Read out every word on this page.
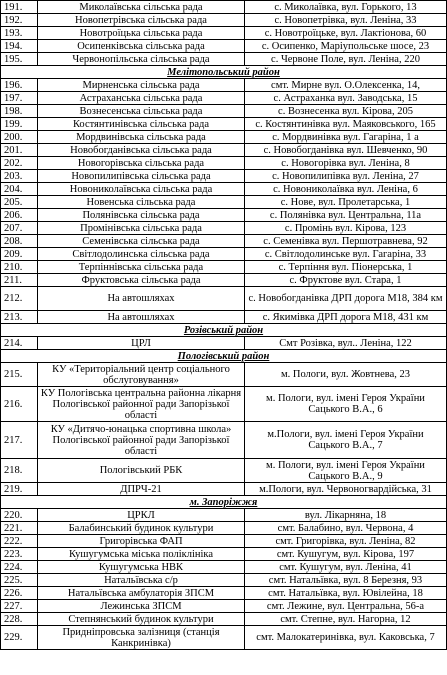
191.	Миколаївська сільська рада	с. Миколаївка, вул. Горького, 13
192.	Новопетрівська сільська рада	с. Новопетрівка, вул. Леніна, 33
193.	Новотроїцька сільська рада	с. Новотроїцьке, вул. Лактіонова, 60
194.	Осипенківська сільська рада	с. Осипенко, Маріупольське шосе, 23
195.	Червонопільська сільська рада	с. Червоне Поле, вул. Леніна, 220
Мелітопольський район		
196.	Мирненська сільська рада	смт. Мирне вул. О.Олексенка, 14,
197.	Астраханська сільська рада	с. Астраханка вул. Заводська, 15
198.	Вознесенська сільська рада	с. Вознесенка вул. Кірова, 205
199.	Костянтинівська сільська рада	с. Костянтинівка вул. Маяковського, 165
200.	Мордвинівська сільська рада	с. Мордвинівка вул. Гагаріна, 1 а
201.	Новобогданівська сільська рада	с. Новобогданівка вул. Шевченко, 90
202.	Новогорівська сільська рада	с. Новогорівка вул. Леніна, 8
203.	Новопилипівська сільська рада	с. Новопилипівка вул. Леніна, 27
204.	Новониколаївська сільська рада	с. Новониколаївка вул. Леніна, 6
205.	Новенська сільська рада	с. Нове, вул. Пролетарська, 1
206.	Полянівська сільська рада	с. Полянівка вул. Центральна, 11а
207.	Промінівська сільська рада	с. Промінь вул. Кірова, 123
208.	Семенівська сільська рада	с. Семенівка вул. Першотравнева, 92
209.	Світлодолинська сільська рада	с. Світлодолинське вул. Гагаріна, 33
210.	Терпіннівська сільська рада	с. Терпіння вул. Піонерська, 1
211.	Фруктовська сільська рада	с. Фруктове вул. Стара, 1
212.	На автошляхах	с. Новобогданівка ДРП дорога М18, 384 км
213.	На автошляхах	с. Якимівка ДРП дорога М18, 431 км
Розівський район		
214.	ЦРЛ	Смт Розівка, вул.. Леніна, 122
Пологівський район		
215.	КУ «Територіальний центр соціального обслуговування»	м. Пологи, вул. Жовтнева, 23
216.	КУ Пологівська центральна районна лікарня Пологівської районної ради Запорізької області	м. Пологи, вул. імені Героя України Сацького В.А., 6
217.	КУ «Дитячо-юнацька спортивна школа» Пологівської районної ради Запорізької області	м.Пологи, вул. імені Героя України Сацького В.А., 7
218.	Пологівський РБК	м. Пологи, вул. імені Героя України Сацького В.А., 9
219.	ДПРЧ-21	м.Пологи, вул. Червоногвардійська, 31
м. Запоріжжя		
220.	ЦРКЛ	вул. Лікарняна, 18
221.	Балабинський будинок культури	смт. Балабино, вул. Червона, 4
222.	Григорівська ФАП	смт. Григорівка, вул. Леніна, 82
223.	Кушугумська міська поліклініка	смт. Кушугум, вул. Кірова, 197
224.	Кушугумська НВК	смт. Кушугум, вул. Леніна, 41
225.	Натальївська с/р	смт. Натальївка, вул. 8 Березня, 93
226.	Натальївська амбулаторія ЗПСМ	смт. Натальївка, вул. Ювілейна, 18
227.	Лежинська ЗПСМ	смт. Лежине, вул. Центральна, 56-а
228.	Степнянський будинок культури	смт. Степне, вул. Нагорна, 12
229.	Придніпровська залізниця (станція Канкринівка)	смт. Малокатеринівка, вул. Каковська, 7
